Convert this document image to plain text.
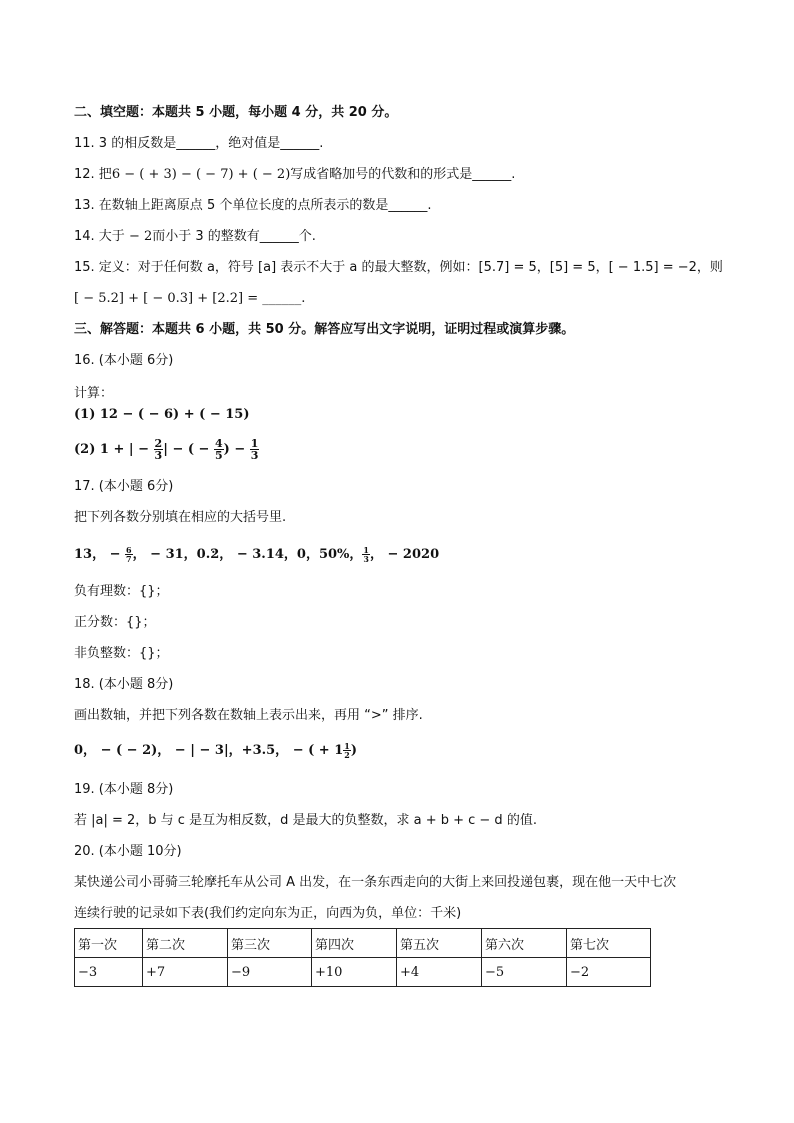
二、填空题：本题共 5 小题，每小题 4 分，共 20 分。
11. 3 的相反数是______，绝对值是______.
12. 把6 − ( + 3) − ( − 7) + ( − 2)写成省略加号的代数和的形式是______.
13. 在数轴上距离原点 5 个单位长度的点所表示的数是______.
14. 大于 − 2而小于 3 的整数有______个.
15. 定义：对于任何数 a，符号 [a] 表示不大于 a 的最大整数，例如：[5.7] = 5，[5] = 5，[ − 1.5] = −2，则
[ − 5.2] + [ − 0.3] + [2.2] = ______.
三、解答题：本题共 6 小题，共 50 分。解答应写出文字说明，证明过程或演算步骤。
16. (本小题 6分)
计算：
(1) 12 − ( − 6) + ( − 15)
(2) 1 + | − $\frac{2}{3}$ | − ( − $\frac{4}{5}$ ) − $\frac{1}{3}$
17. (本小题 6分)
把下列各数分别填在相应的大括号里.
13， − $\frac{6}{7}$ ， − 31，0.2 ·， − 3.14，0，50%， $\frac{1}{3}$ ， − 2020
负有理数：{}；
正分数：{}；
非负整数：{}；
18. (本小题 8分)
画出数轴，并把下列各数在数轴上表示出来，再用 “>” 排序.
0， − ( − 2)， − | − 3|，+3.5， − ( + $1 \frac{1}{2}$ )
19. (本小题 8分)
若 |a| = 2，b 与 c 是互为相反数，d 是最大的负整数，求 a + b + c − d 的值.
20. (本小题 10分)
某快递公司小哥骑三轮摩托车从公司 A 出发，在一条东西走向的大街上来回投递包裹，现在他一天中七次
连续行驶的记录如下表(我们约定向东为正，向西为负，单位：千米)
第一次	第二次	第三次	第四次	第五次	第六次	第七次
−3	+7	−9	+10	+4	−5	−2
